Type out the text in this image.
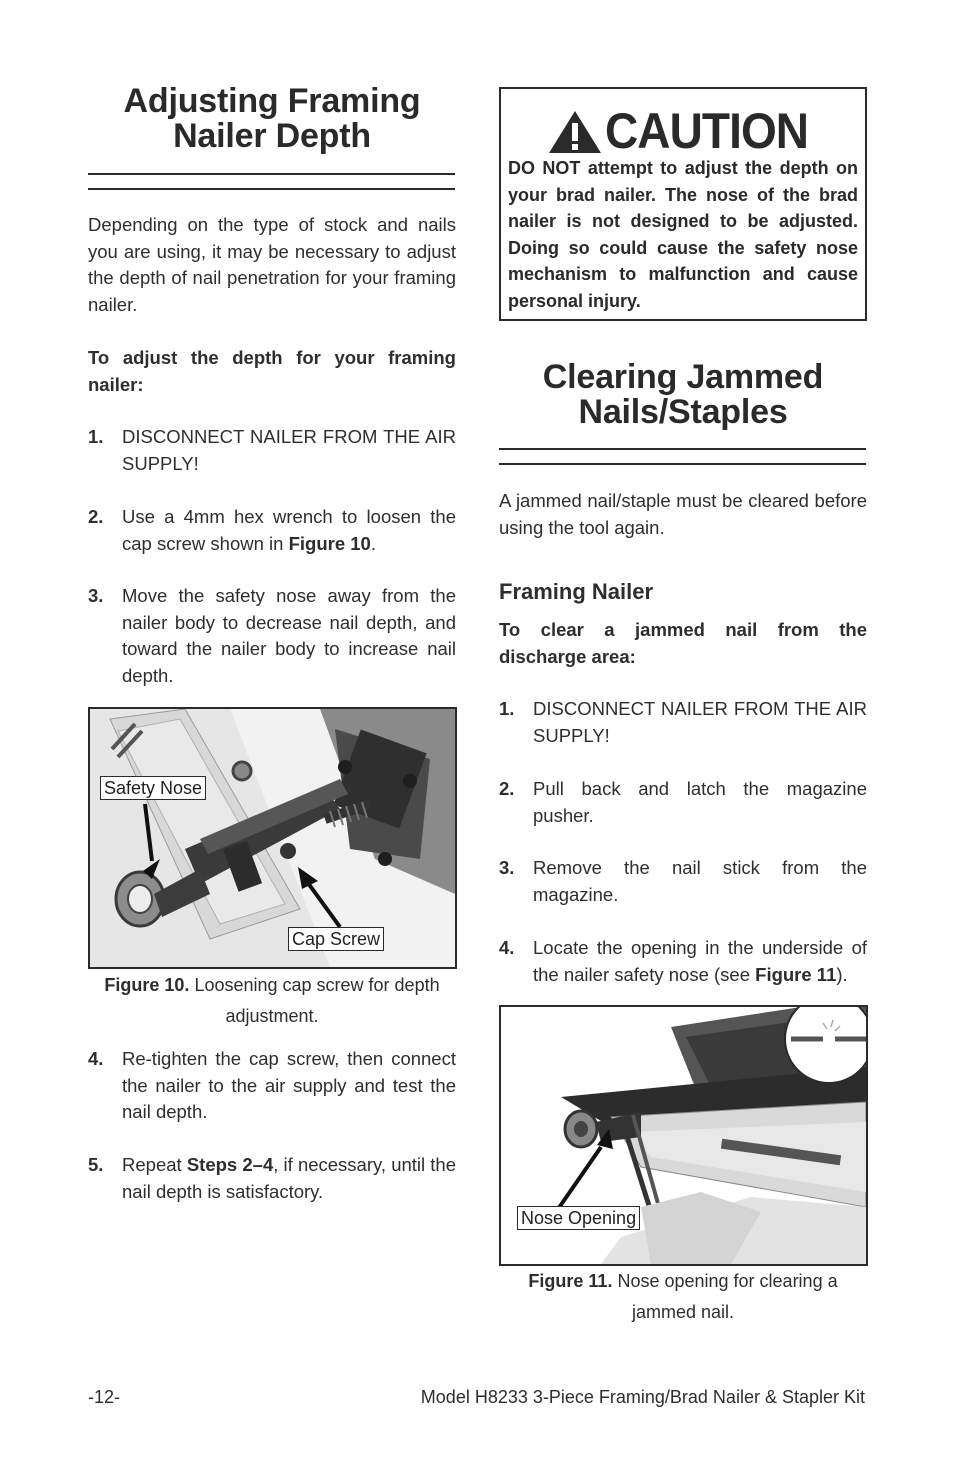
Adjusting Framing
Nailer Depth

Depending on the type of stock and nails you are using, it may be necessary to adjust the depth of nail penetration for your framing nailer.

To adjust the depth for your framing nailer:

1. DISCONNECT NAILER FROM THE AIR SUPPLY!
2. Use a 4mm hex wrench to loosen the cap screw shown in Figure 10.
3. Move the safety nose away from the nailer body to decrease nail depth, and toward the nailer body to increase nail depth.
Safety Nose
Cap Screw
Figure 10. Loosening cap screw for depth adjustment.
4. Re-tighten the cap screw, then connect the nailer to the air supply and test the nail depth.
5. Repeat Steps 2–4, if necessary, until the nail depth is satisfactory.
CAUTION
DO NOT attempt to adjust the depth on your brad nailer. The nose of the brad nailer is not designed to be adjusted. Doing so could cause the safety nose mechanism to malfunction and cause personal injury.
Clearing Jammed
Nails/Staples

A jammed nail/staple must be cleared before using the tool again.

Framing Nailer

To clear a jammed nail from the discharge area:

1. DISCONNECT NAILER FROM THE AIR SUPPLY!
2. Pull back and latch the magazine pusher.
3. Remove the nail stick from the magazine.
4. Locate the opening in the underside of the nailer safety nose (see Figure 11).
Nose Opening
Figure 11. Nose opening for clearing a jammed nail.
-12-	Model H8233 3-Piece Framing/Brad Nailer & Stapler Kit
